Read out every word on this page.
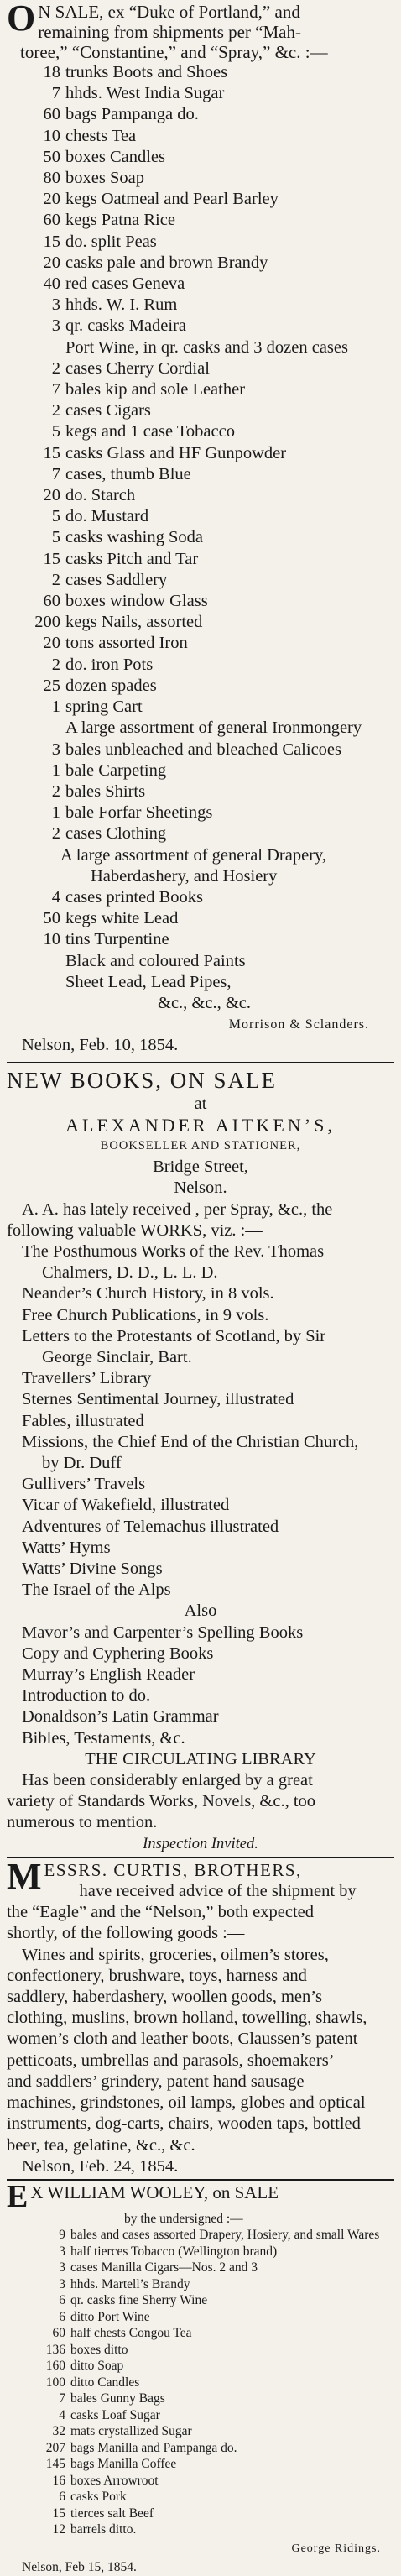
O N SALE, ex “Duke of Portland,” and
remaining from shipments per “Mah-
toree,” “Constantine,” and “Spray,” &c. :—
18 trunks Boots and Shoes
7 hhds. West India Sugar
60 bags Pampanga do.
10 chests Tea
50 boxes Candles
80 boxes Soap
20 kegs Oatmeal and Pearl Barley
60 kegs Patna Rice
15 do. split Peas
20 casks pale and brown Brandy
40 red cases Geneva
3 hhds. W. I. Rum
3 qr. casks Madeira
Port Wine, in qr. casks and 3 dozen cases
2 cases Cherry Cordial
7 bales kip and sole Leather
2 cases Cigars
5 kegs and 1 case Tobacco
15 casks Glass and HF Gunpowder
7 cases, thumb Blue
20 do. Starch
5 do. Mustard
5 casks washing Soda
15 casks Pitch and Tar
2 cases Saddlery
60 boxes window Glass
200 kegs Nails, assorted
20 tons assorted Iron
2 do. iron Pots
25 dozen spades
1 spring Cart
A large assortment of general Ironmongery
3 bales unbleached and bleached Calicoes
1 bale Carpeting
2 bales Shirts
1 bale Forfar Sheetings
2 cases Clothing
A large assortment of general Drapery,
Haberdashery, and Hosiery
4 cases printed Books
50 kegs white Lead
10 tins Turpentine
Black and coloured Paints
Sheet Lead, Lead Pipes,
&c., &c., &c.
Morrison & Sclanders.
Nelson, Feb. 10, 1854.
NEW BOOKS, ON SALE
at
ALEXANDER AITKEN’S,
BOOKSELLER AND STATIONER,
Bridge Street,
Nelson.
A. A. has lately received , per Spray, &c., the
following valuable WORKS, viz. :—
The Posthumous Works of the Rev. Thomas
Chalmers, D. D., L. L. D.
Neander’s Church History, in 8 vols.
Free Church Publications, in 9 vols.
Letters to the Protestants of Scotland, by Sir
George Sinclair, Bart.
Travellers’ Library
Sternes Sentimental Journey, illustrated
Fables, illustrated
Missions, the Chief End of the Christian Church,
by Dr. Duff
Gullivers’ Travels
Vicar of Wakefield, illustrated
Adventures of Telemachus illustrated
Watts’ Hyms
Watts’ Divine Songs
The Israel of the Alps
Also
Mavor’s and Carpenter’s Spelling Books
Copy and Cyphering Books
Murray’s English Reader
Introduction to do.
Donaldson’s Latin Grammar
Bibles, Testaments, &c.
THE CIRCULATING LIBRARY
Has been considerably enlarged by a great
variety of Standards Works, Novels, &c., too
numerous to mention.
Inspection Invited.
M ESSRS. CURTIS, BROTHERS,
have received advice of the shipment by
the “Eagle” and the “Nelson,” both expected
shortly, of the following goods :—
Wines and spirits, groceries, oilmen’s stores,
confectionery, brushware, toys, harness and
saddlery, haberdashery, woollen goods, men’s
clothing, muslins, brown holland, towelling, shawls,
women’s cloth and leather boots, Claussen’s patent
petticoats, umbrellas and parasols, shoemakers’
and saddlers’ grindery, patent hand sausage
machines, grindstones, oil lamps, globes and optical
instruments, dog-carts, chairs, wooden taps, bottled
beer, tea, gelatine, &c., &c.
Nelson, Feb. 24, 1854.
E X WILLIAM WOOLEY, on SALE
by the undersigned :—
9 bales and cases assorted Drapery, Hosiery, and small Wares
3 half tierces Tobacco (Wellington brand)
3 cases Manilla Cigars—Nos. 2 and 3
3 hhds. Martell’s Brandy
6 qr. casks fine Sherry Wine
6 ditto Port Wine
60 half chests Congou Tea
136 boxes ditto
160 ditto Soap
100 ditto Candles
7 bales Gunny Bags
4 casks Loaf Sugar
32 mats crystallized Sugar
207 bags Manilla and Pampanga do.
145 bags Manilla Coffee
16 boxes Arrowroot
6 casks Pork
15 tierces salt Beef
12 barrels ditto.
George Ridings.
Nelson, Feb 15, 1854.
